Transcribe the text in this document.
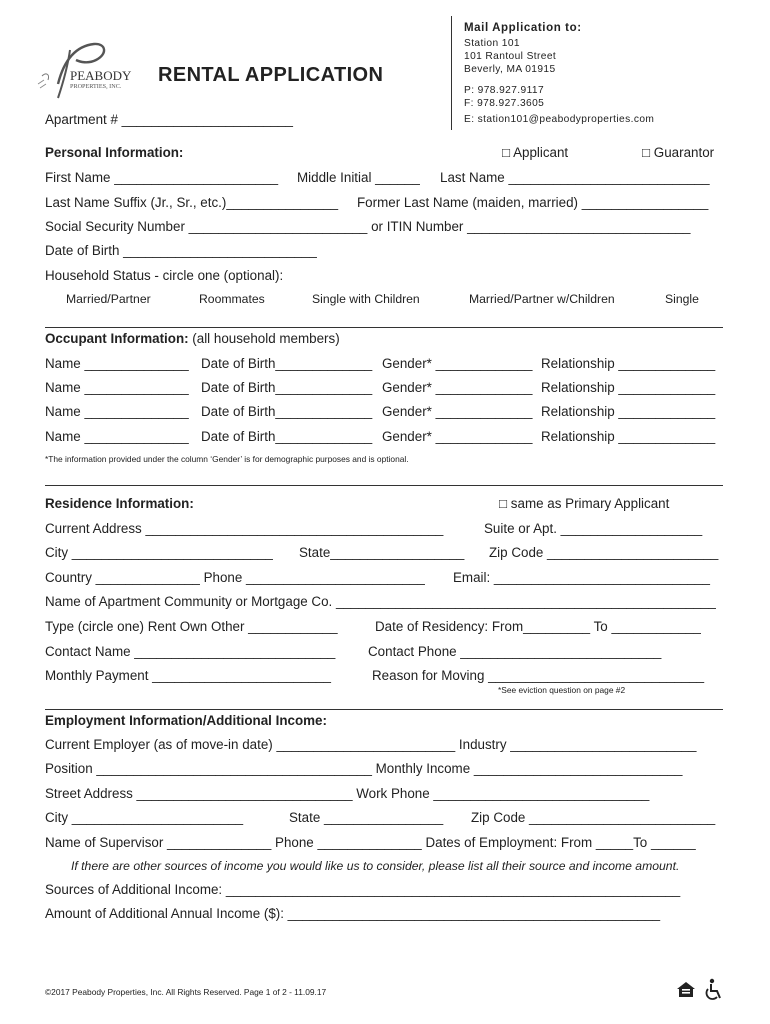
PEABODY
PROPERTIES, INC.
RENTAL APPLICATION
Apartment # _______________________
Mail Application to:
Station 101
101 Rantoul Street
Beverly, MA 01915
P: 978.927.9117
F: 978.927.3605
E: station101@peabodyproperties.com
Personal Information:	□ Applicant	□ Guarantor
First Name ______________________ Middle Initial ______ Last Name ___________________________
Last Name Suffix (Jr., Sr., etc.)_______________ Former Last Name (maiden, married) _________________
Social Security Number ________________________ or ITIN Number ______________________________
Date of Birth __________________________
Household Status - circle one (optional):
Married/Partner	Roommates	Single with Children	Married/Partner w/Children	Single
Occupant Information: (all household members)
Name ______________ Date of Birth_____________ Gender* _____________ Relationship _____________
Name ______________ Date of Birth_____________ Gender* _____________ Relationship _____________
Name ______________ Date of Birth_____________ Gender* _____________ Relationship _____________
Name ______________ Date of Birth_____________ Gender* _____________ Relationship _____________
*The information provided under the column ‘Gender’ is for demographic purposes and is optional.
Residence Information:	□ same as Primary Applicant
Current Address ________________________________________	Suite or Apt. ___________________
City ___________________________ State__________________ Zip Code _______________________
Country ______________ Phone ________________________ Email: _____________________________
Name of Apartment Community or Mortgage Co. ___________________________________________________
Type (circle one) Rent Own Other ____________	Date of Residency: From_________ To ____________
Contact Name ___________________________ Contact Phone ___________________________
Monthly Payment ________________________	Reason for Moving _____________________________
*See eviction question on page #2
Employment Information/Additional Income:
Current Employer (as of move-in date) ________________________ Industry _________________________
Position _____________________________________ Monthly Income ____________________________
Street Address _____________________________ Work Phone _____________________________
City _______________________	State ________________ Zip Code _________________________
Name of Supervisor ______________ Phone ______________ Dates of Employment: From _____To ______
If there are other sources of income you would like us to consider, please list all their source and income amount.
Sources of Additional Income: _____________________________________________________________
Amount of Additional Annual Income ($): __________________________________________________
©2017 Peabody Properties, Inc. All Rights Reserved. Page 1 of 2 - 11.09.17
